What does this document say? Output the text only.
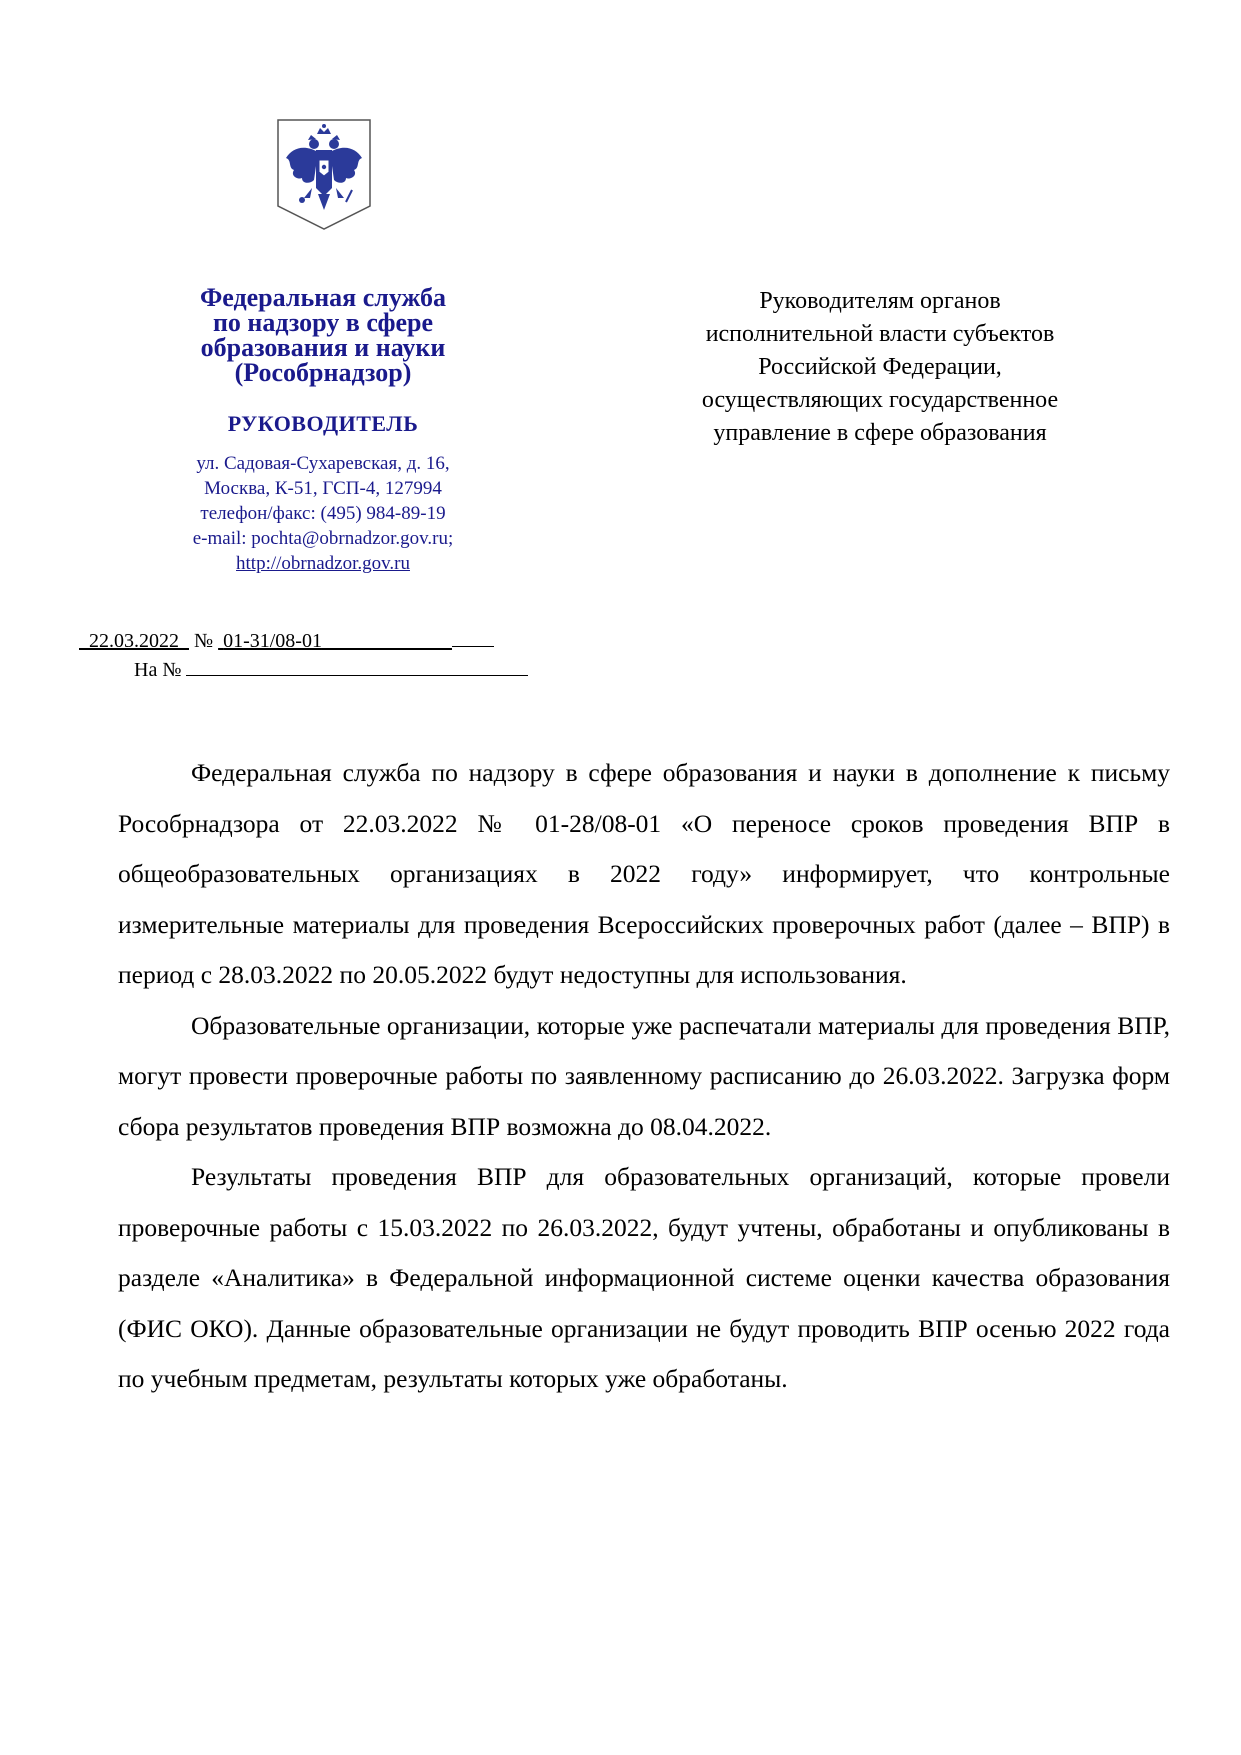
Федеральная служба
по надзору в сфере
образования и науки
(Рособрнадзор)
РУКОВОДИТЕЛЬ
ул. Садовая-Сухаревская, д. 16,
Москва, К-51, ГСП-4, 127994
телефон/факс: (495) 984-89-19
e-mail: pochta@obrnadzor.gov.ru;
http://obrnadzor.gov.ru
Руководителям органов
исполнительной власти субъектов
Российской Федерации,
осуществляющих государственное
управление в сфере образования
22.03.2022 № 01-31/08-01
На №

Федеральная служба по надзору в сфере образования и науки в дополнение к письму Рособрнадзора от 22.03.2022 № 01-28/08-01 «О переносе сроков проведения ВПР в общеобразовательных организациях в 2022 году» информирует, что контрольные измерительные материалы для проведения Всероссийских проверочных работ (далее – ВПР) в период с 28.03.2022 по 20.05.2022 будут недоступны для использования.

Образовательные организации, которые уже распечатали материалы для проведения ВПР, могут провести проверочные работы по заявленному расписанию до 26.03.2022. Загрузка форм сбора результатов проведения ВПР возможна до 08.04.2022.

Результаты проведения ВПР для образовательных организаций, которые провели проверочные работы с 15.03.2022 по 26.03.2022, будут учтены, обработаны и опубликованы в разделе «Аналитика» в Федеральной информационной системе оценки качества образования (ФИС ОКО). Данные образовательные организации не будут проводить ВПР осенью 2022 года по учебным предметам, результаты которых уже обработаны.
